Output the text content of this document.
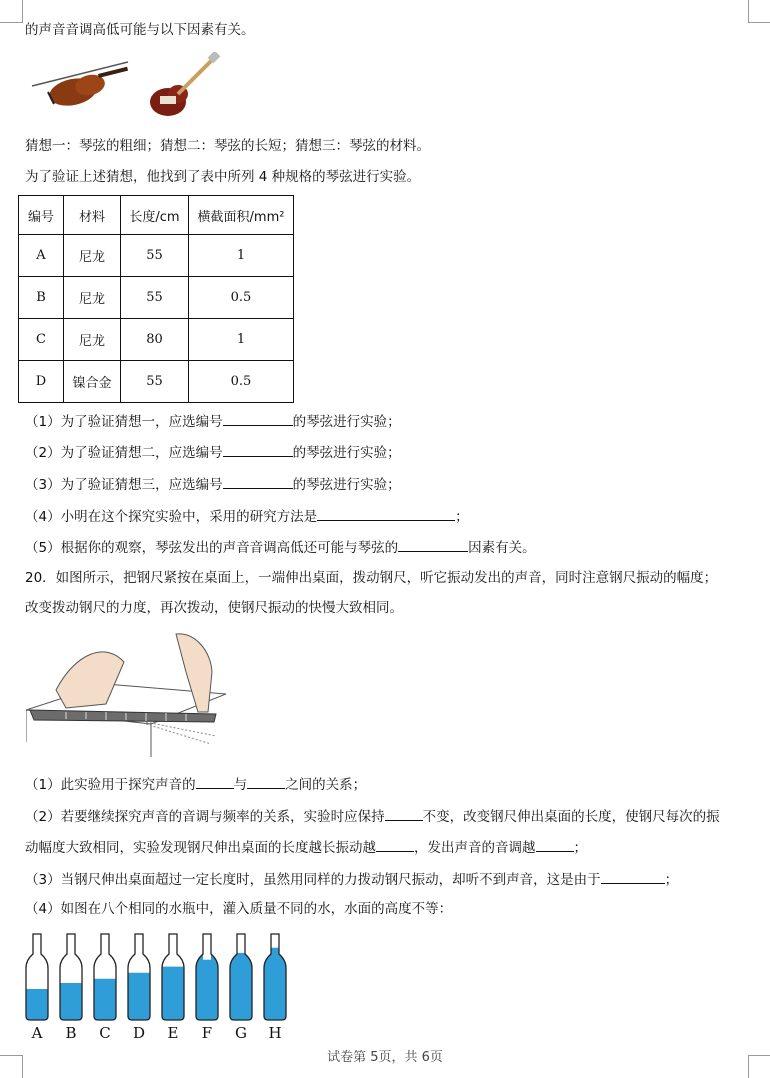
的声音音调高低可能与以下因素有关。
猜想一：琴弦的粗细；猜想二：琴弦的长短；猜想三：琴弦的材料。
为了验证上述猜想，他找到了表中所列 4 种规格的琴弦进行实验。
编号	材料	长度/cm	横截面积/mm²
A	尼龙	55	1
B	尼龙	55	0.5
C	尼龙	80	1
D	镍合金	55	0.5
（1）为了验证猜想一，应选编号	的琴弦进行实验；
（2）为了验证猜想二，应选编号	的琴弦进行实验；
（3）为了验证猜想三，应选编号	的琴弦进行实验；
（4）小明在这个探究实验中，采用的研究方法是	；
（5）根据你的观察，琴弦发出的声音音调高低还可能与琴弦的	因素有关。
20．如图所示，把钢尺紧按在桌面上，一端伸出桌面，拨动钢尺，听它振动发出的声音，同时注意钢尺振动的幅度；
改变拨动钢尺的力度，再次拨动，使钢尺振动的快慢大致相同。
（1）此实验用于探究声音的	与	之间的关系；
（2）若要继续探究声音的音调与频率的关系，实验时应保持	不变，改变钢尺伸出桌面的长度，使钢尺每次的振
动幅度大致相同，实验发现钢尺伸出桌面的长度越长振动越	，发出声音的音调越	；
（3）当钢尺伸出桌面超过一定长度时，虽然用同样的力拨动钢尺振动，却听不到声音，这是由于	；
（4）如图在八个相同的水瓶中，灌入质量不同的水，水面的高度不等：
A	B C D	E	F	G H
试卷第 5页，共 6页
